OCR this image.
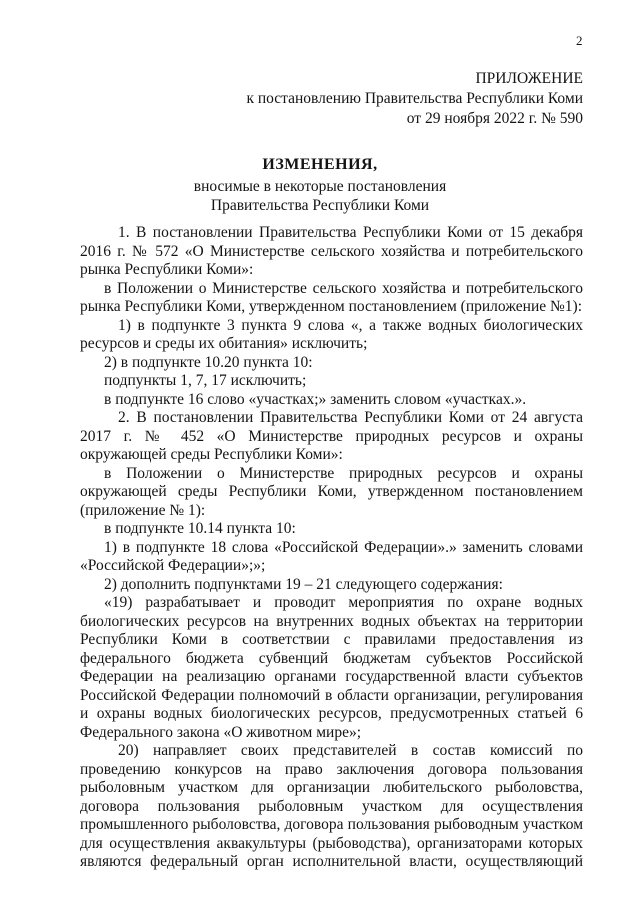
2
ПРИЛОЖЕНИЕ
к постановлению Правительства Республики Коми
от 29 ноября 2022 г. № 590
ИЗМЕНЕНИЯ,
вносимые в некоторые постановления
Правительства Республики Коми

1. В постановлении Правительства Республики Коми от 15 декабря 2016 г. № 572 «О Министерстве сельского хозяйства и потребительского рынка Республики Коми»:

в Положении о Министерстве сельского хозяйства и потребительского рынка Республики Коми, утвержденном постановлением (приложение №1):

1) в подпункте 3 пункта 9 слова «, а также водных биологических ресурсов и среды их обитания» исключить;

2) в подпункте 10.20 пункта 10:

подпункты 1, 7, 17 исключить;

в подпункте 16 слово «участках;» заменить словом «участках.».

2. В постановлении Правительства Республики Коми от 24 августа 2017 г. № 452 «О Министерстве природных ресурсов и охраны окружающей среды Республики Коми»:

в Положении о Министерстве природных ресурсов и охраны окружающей среды Республики Коми, утвержденном постановлением (приложение № 1):

в подпункте 10.14 пункта 10:

1) в подпункте 18 слова «Российской Федерации».» заменить словами «Российской Федерации»;»;

2) дополнить подпунктами 19 – 21 следующего содержания:

«19) разрабатывает и проводит мероприятия по охране водных биологических ресурсов на внутренних водных объектах на территории Республики Коми в соответствии с правилами предоставления из федерального бюджета субвенций бюджетам субъектов Российской Федерации на реализацию органами государственной власти субъектов Российской Федерации полномочий в области организации, регулирования и охраны водных биологических ресурсов, предусмотренных статьей 6 Федерального закона «О животном мире»;

20) направляет своих представителей в состав комиссий по проведению конкурсов на право заключения договора пользования рыболовным участком для организации любительского рыболовства, договора пользования рыболовным участком для осуществления промышленного рыболовства, договора пользования рыбоводным участком для осуществления аквакультуры (рыбоводства), организаторами которых являются федеральный орган исполнительной власти, осуществляющий
